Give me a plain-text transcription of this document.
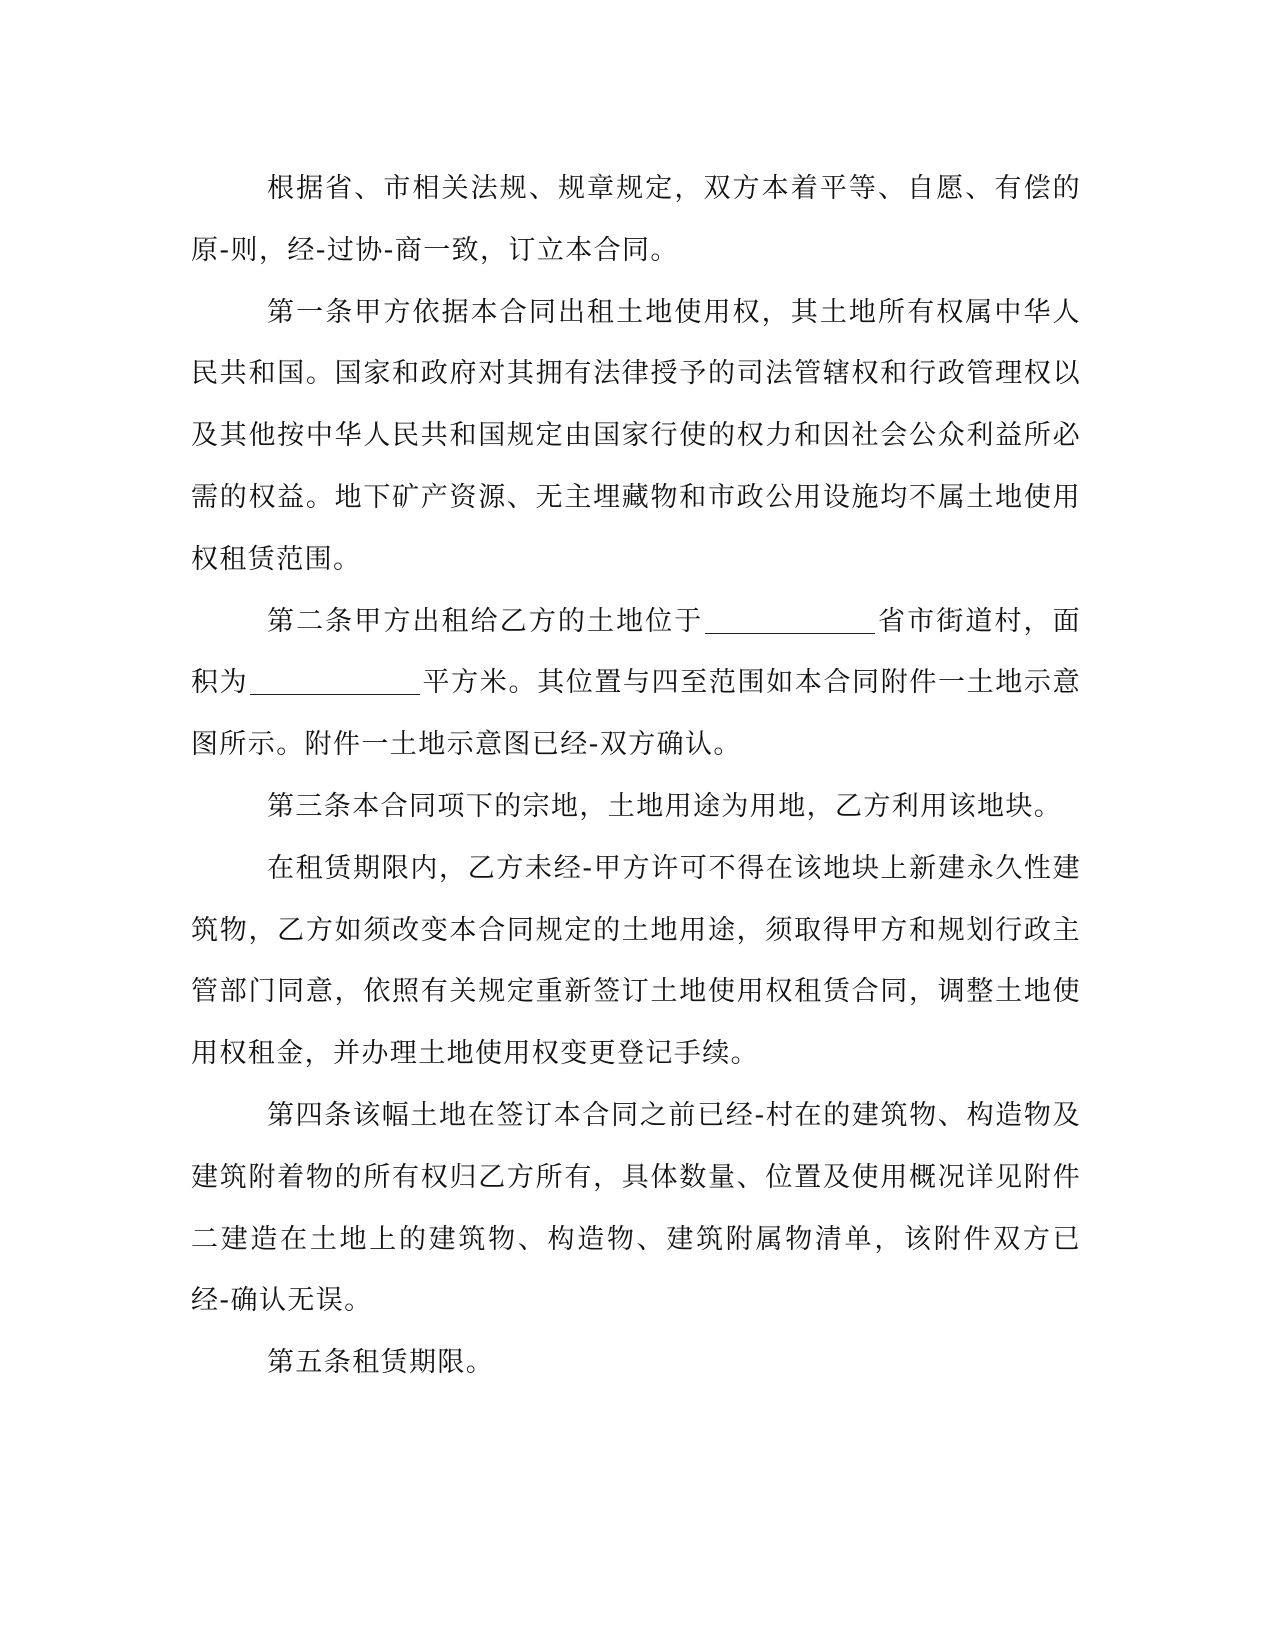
根据省、市相关法规、规章规定，双方本着平等、自愿、有偿的原-则，经-过协-商一致，订立本合同。

第一条甲方依据本合同出租土地使用权，其土地所有权属中华人民共和国。国家和政府对其拥有法律授予的司法管辖权和行政管理权以及其他按中华人民共和国规定由国家行使的权力和因社会公众利益所必需的权益。地下矿产资源、无主埋藏物和市政公用设施均不属土地使用权租赁范围。

第二条甲方出租给乙方的土地位于	省市街道村，面积为	平方米。其位置与四至范围如本合同附件一土地示意图所示。附件一土地示意图已经-双方确认。

第三条本合同项下的宗地，土地用途为用地，乙方利用该地块。

在租赁期限内，乙方未经-甲方许可不得在该地块上新建永久性建筑物，乙方如须改变本合同规定的土地用途，须取得甲方和规划行政主管部门同意，依照有关规定重新签订土地使用权租赁合同，调整土地使用权租金，并办理土地使用权变更登记手续。

第四条该幅土地在签订本合同之前已经-村在的建筑物、构造物及建筑附着物的所有权归乙方所有，具体数量、位置及使用概况详见附件二建造在土地上的建筑物、构造物、建筑附属物清单，该附件双方已经-确认无误。

第五条租赁期限。
